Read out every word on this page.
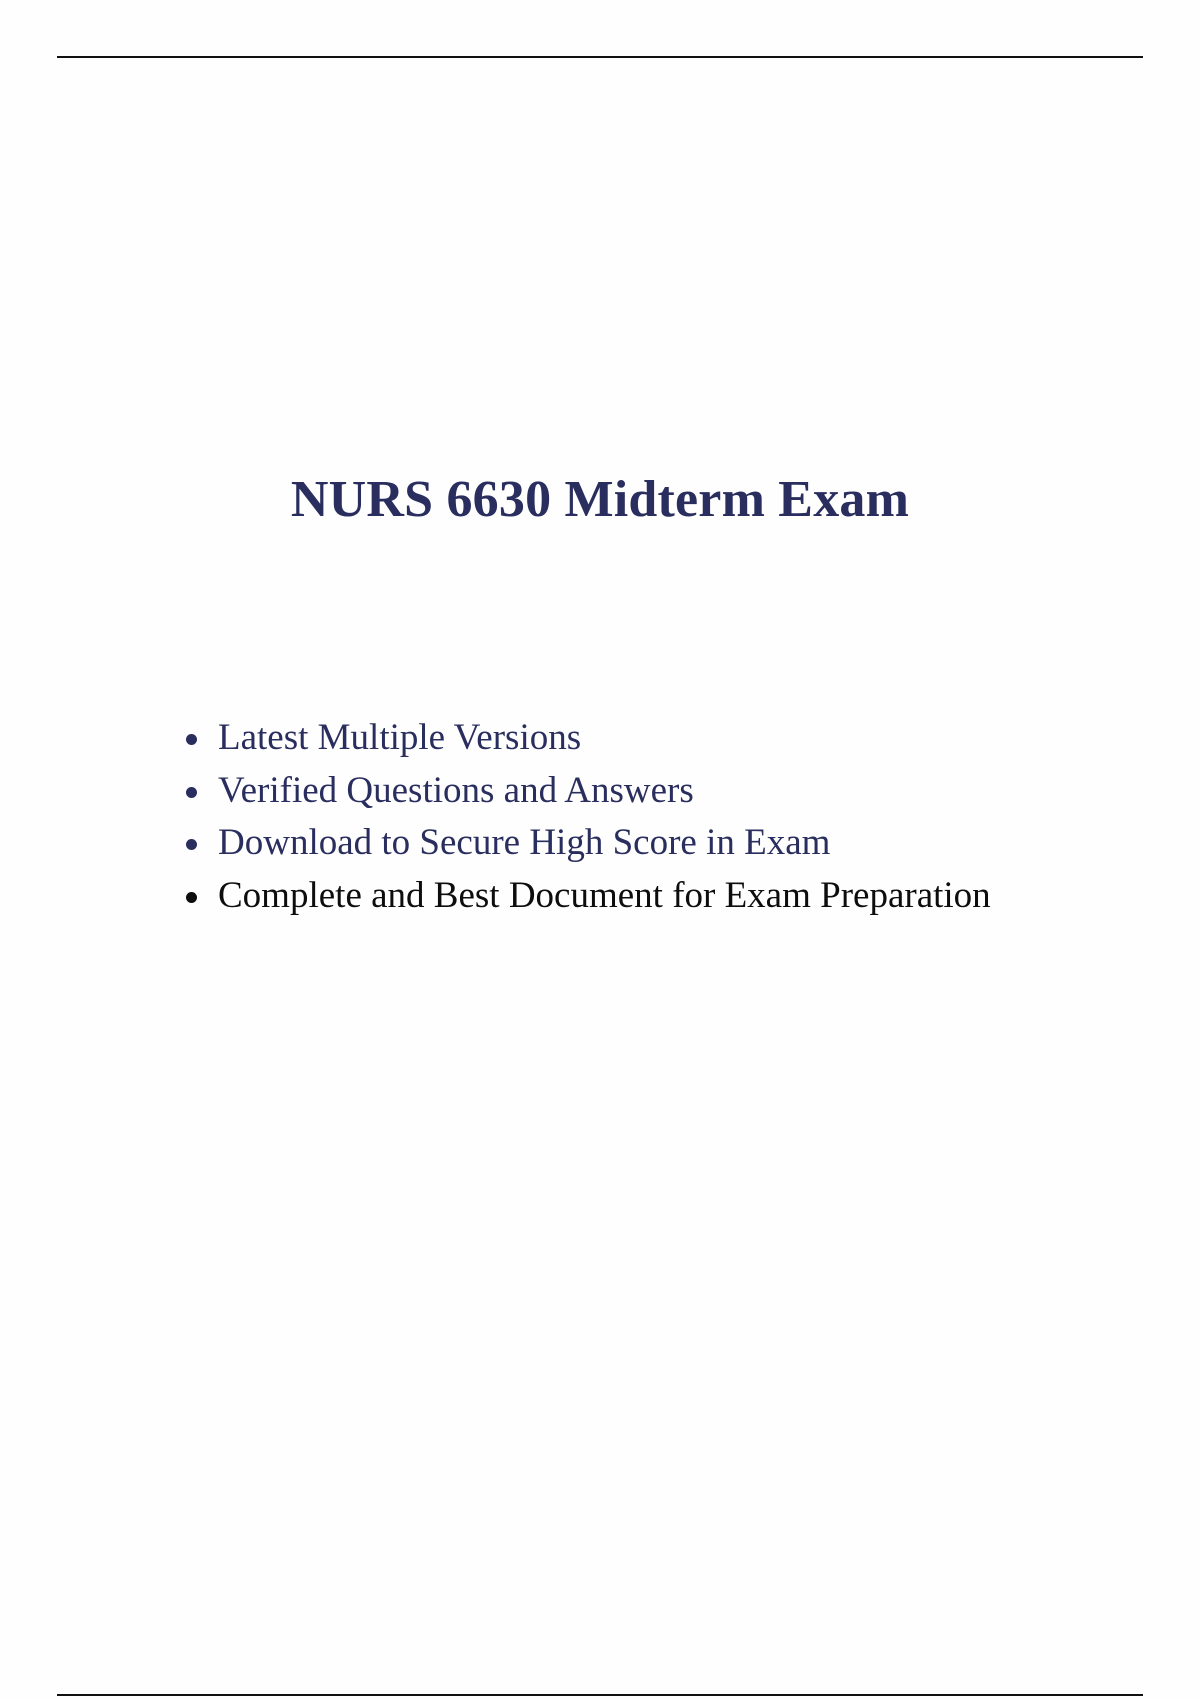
NURS 6630 Midterm Exam
Latest Multiple Versions
Verified Questions and Answers
Download to Secure High Score in Exam
Complete and Best Document for Exam Preparation
